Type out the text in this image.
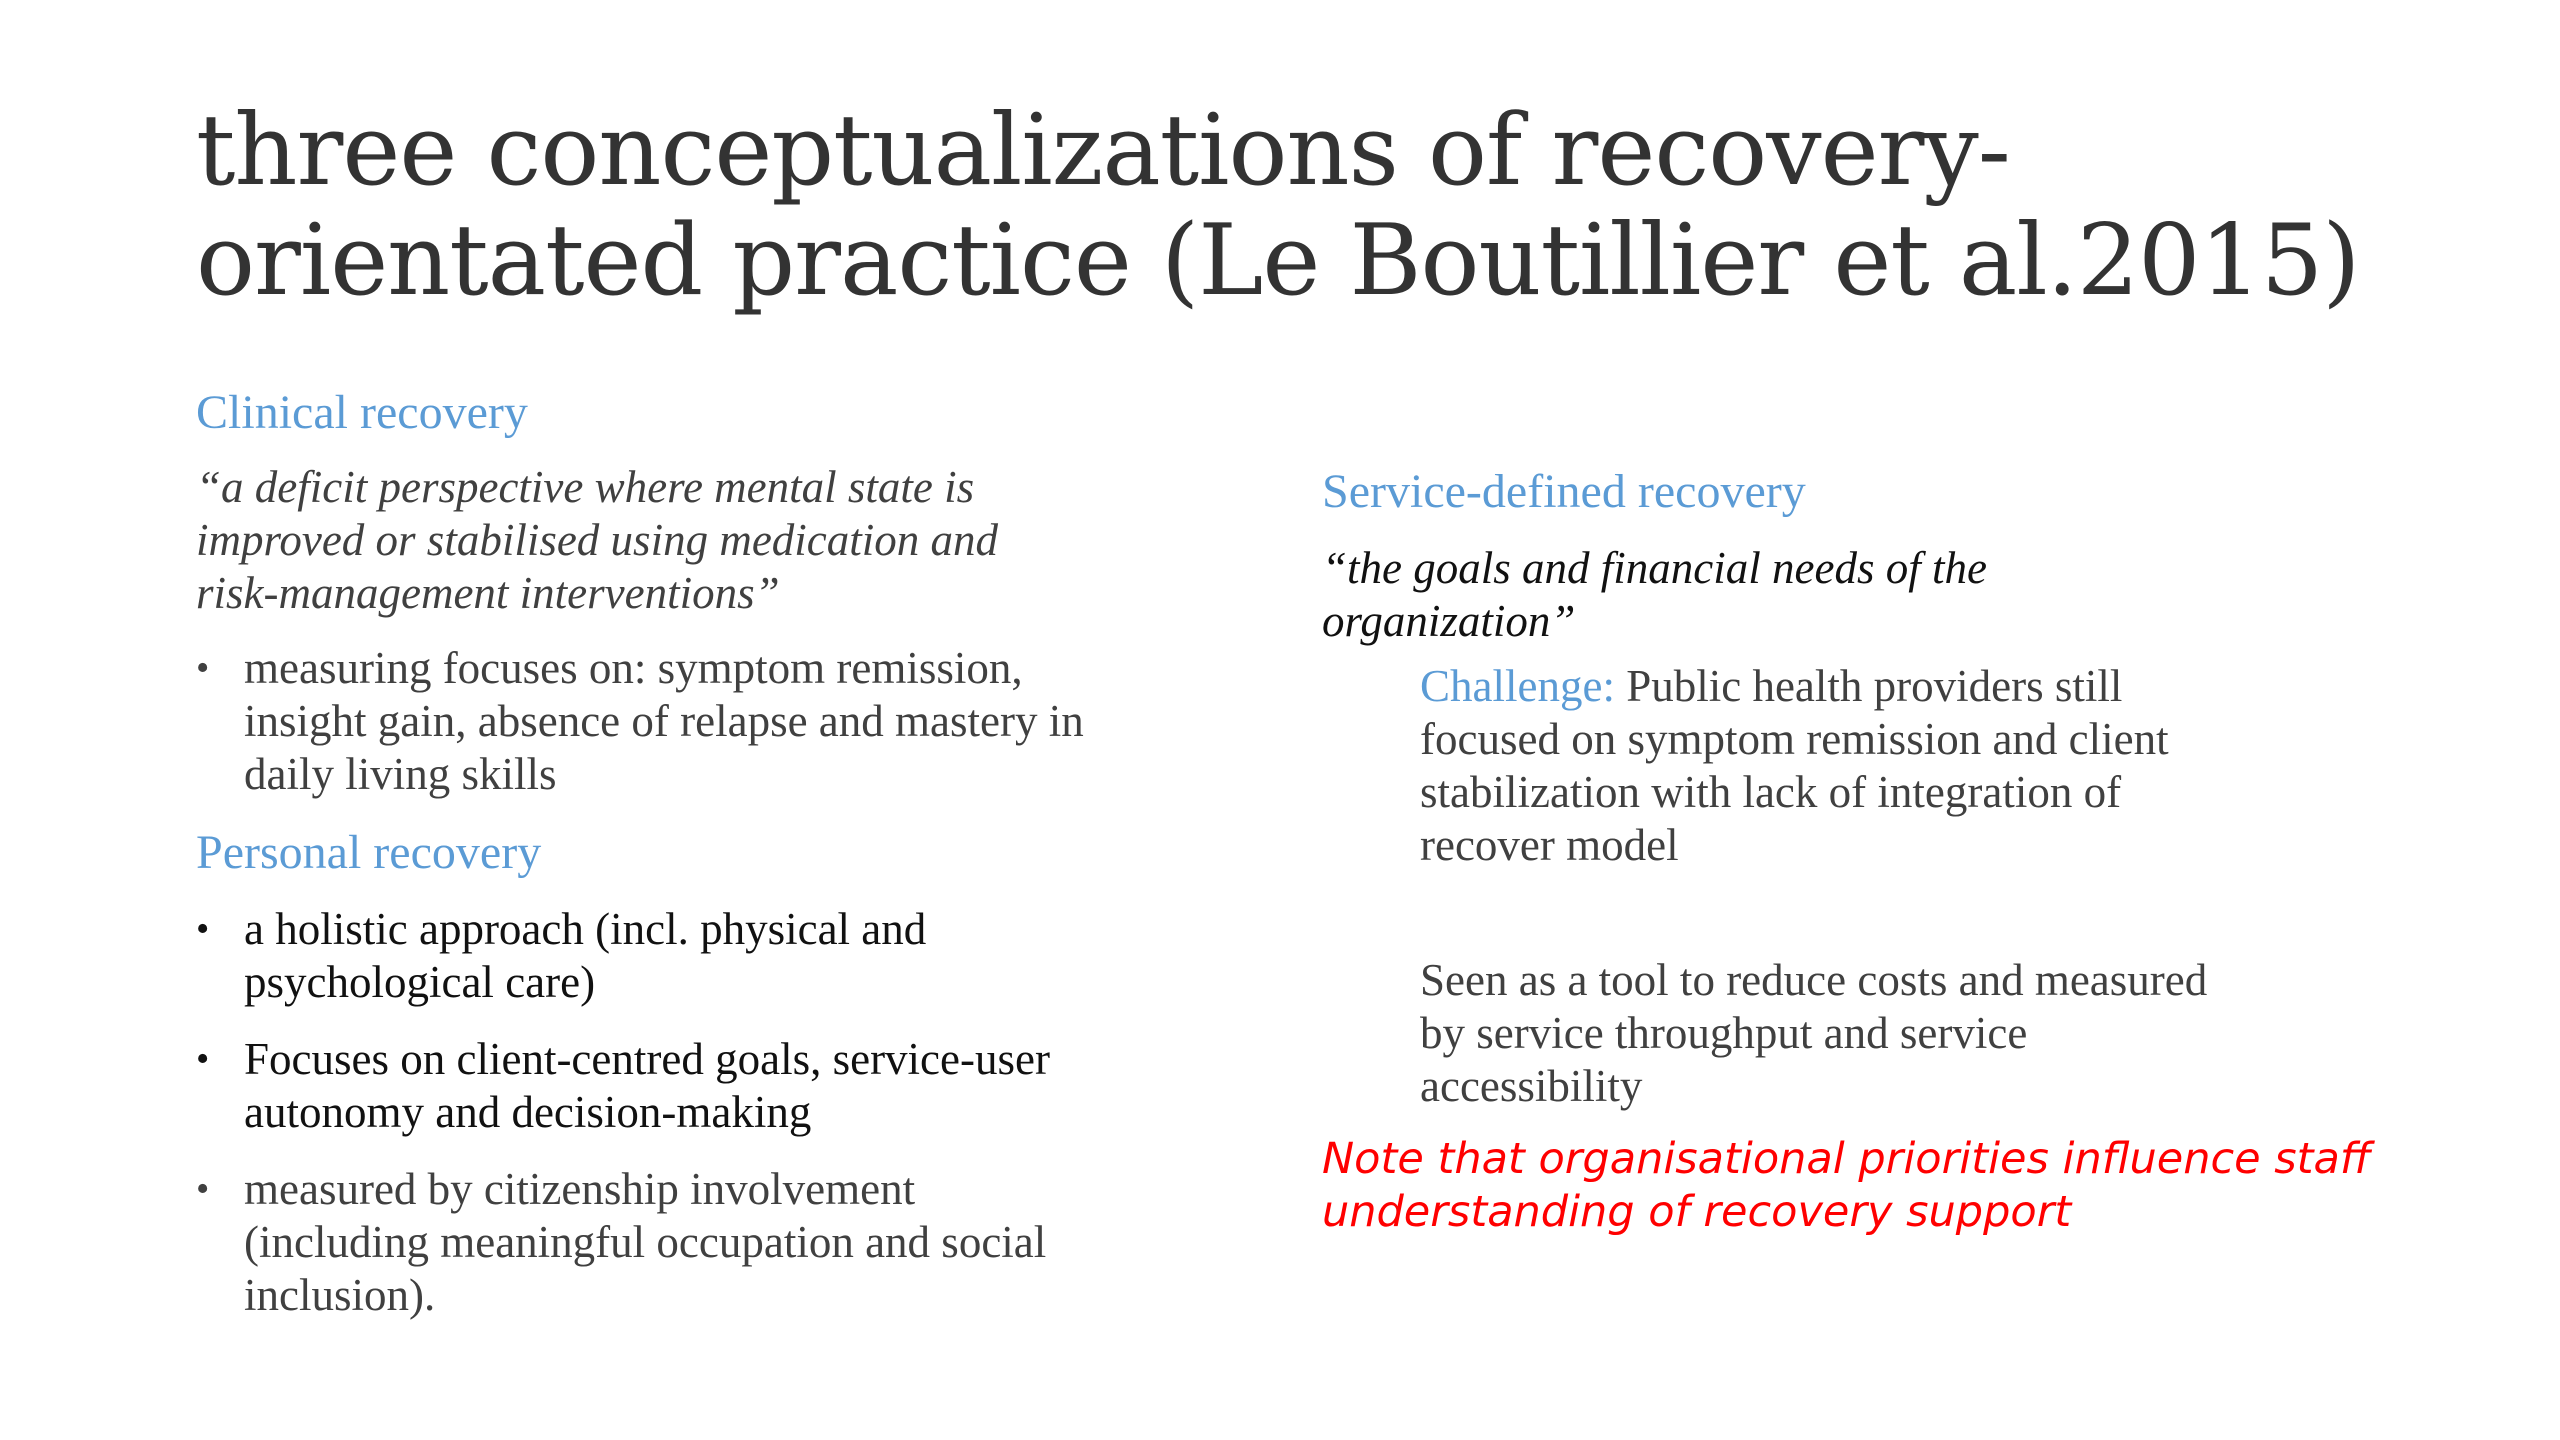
three conceptualizations of recovery-
orientated practice (Le Boutillier et al.2015)

Clinical recovery

“a deficit perspective where mental state is
improved or stabilised using medication and
risk-management interventions”

• measuring focuses on: symptom remission,
insight gain, absence of relapse and mastery in
daily living skills

Personal recovery

• a holistic approach (incl. physical and
psychological care)
• Focuses on client-centred goals, service-user
autonomy and decision-making
• measured by citizenship involvement
(including meaningful occupation and social
inclusion).

Service-defined recovery

“the goals and financial needs of the
organization”

Challenge: Public health providers still
focused on symptom remission and client
stabilization with lack of integration of
recover model
Seen as a tool to reduce costs and measured
by service throughput and service
accessibility

Note that organisational priorities influence staff
understanding of recovery support
